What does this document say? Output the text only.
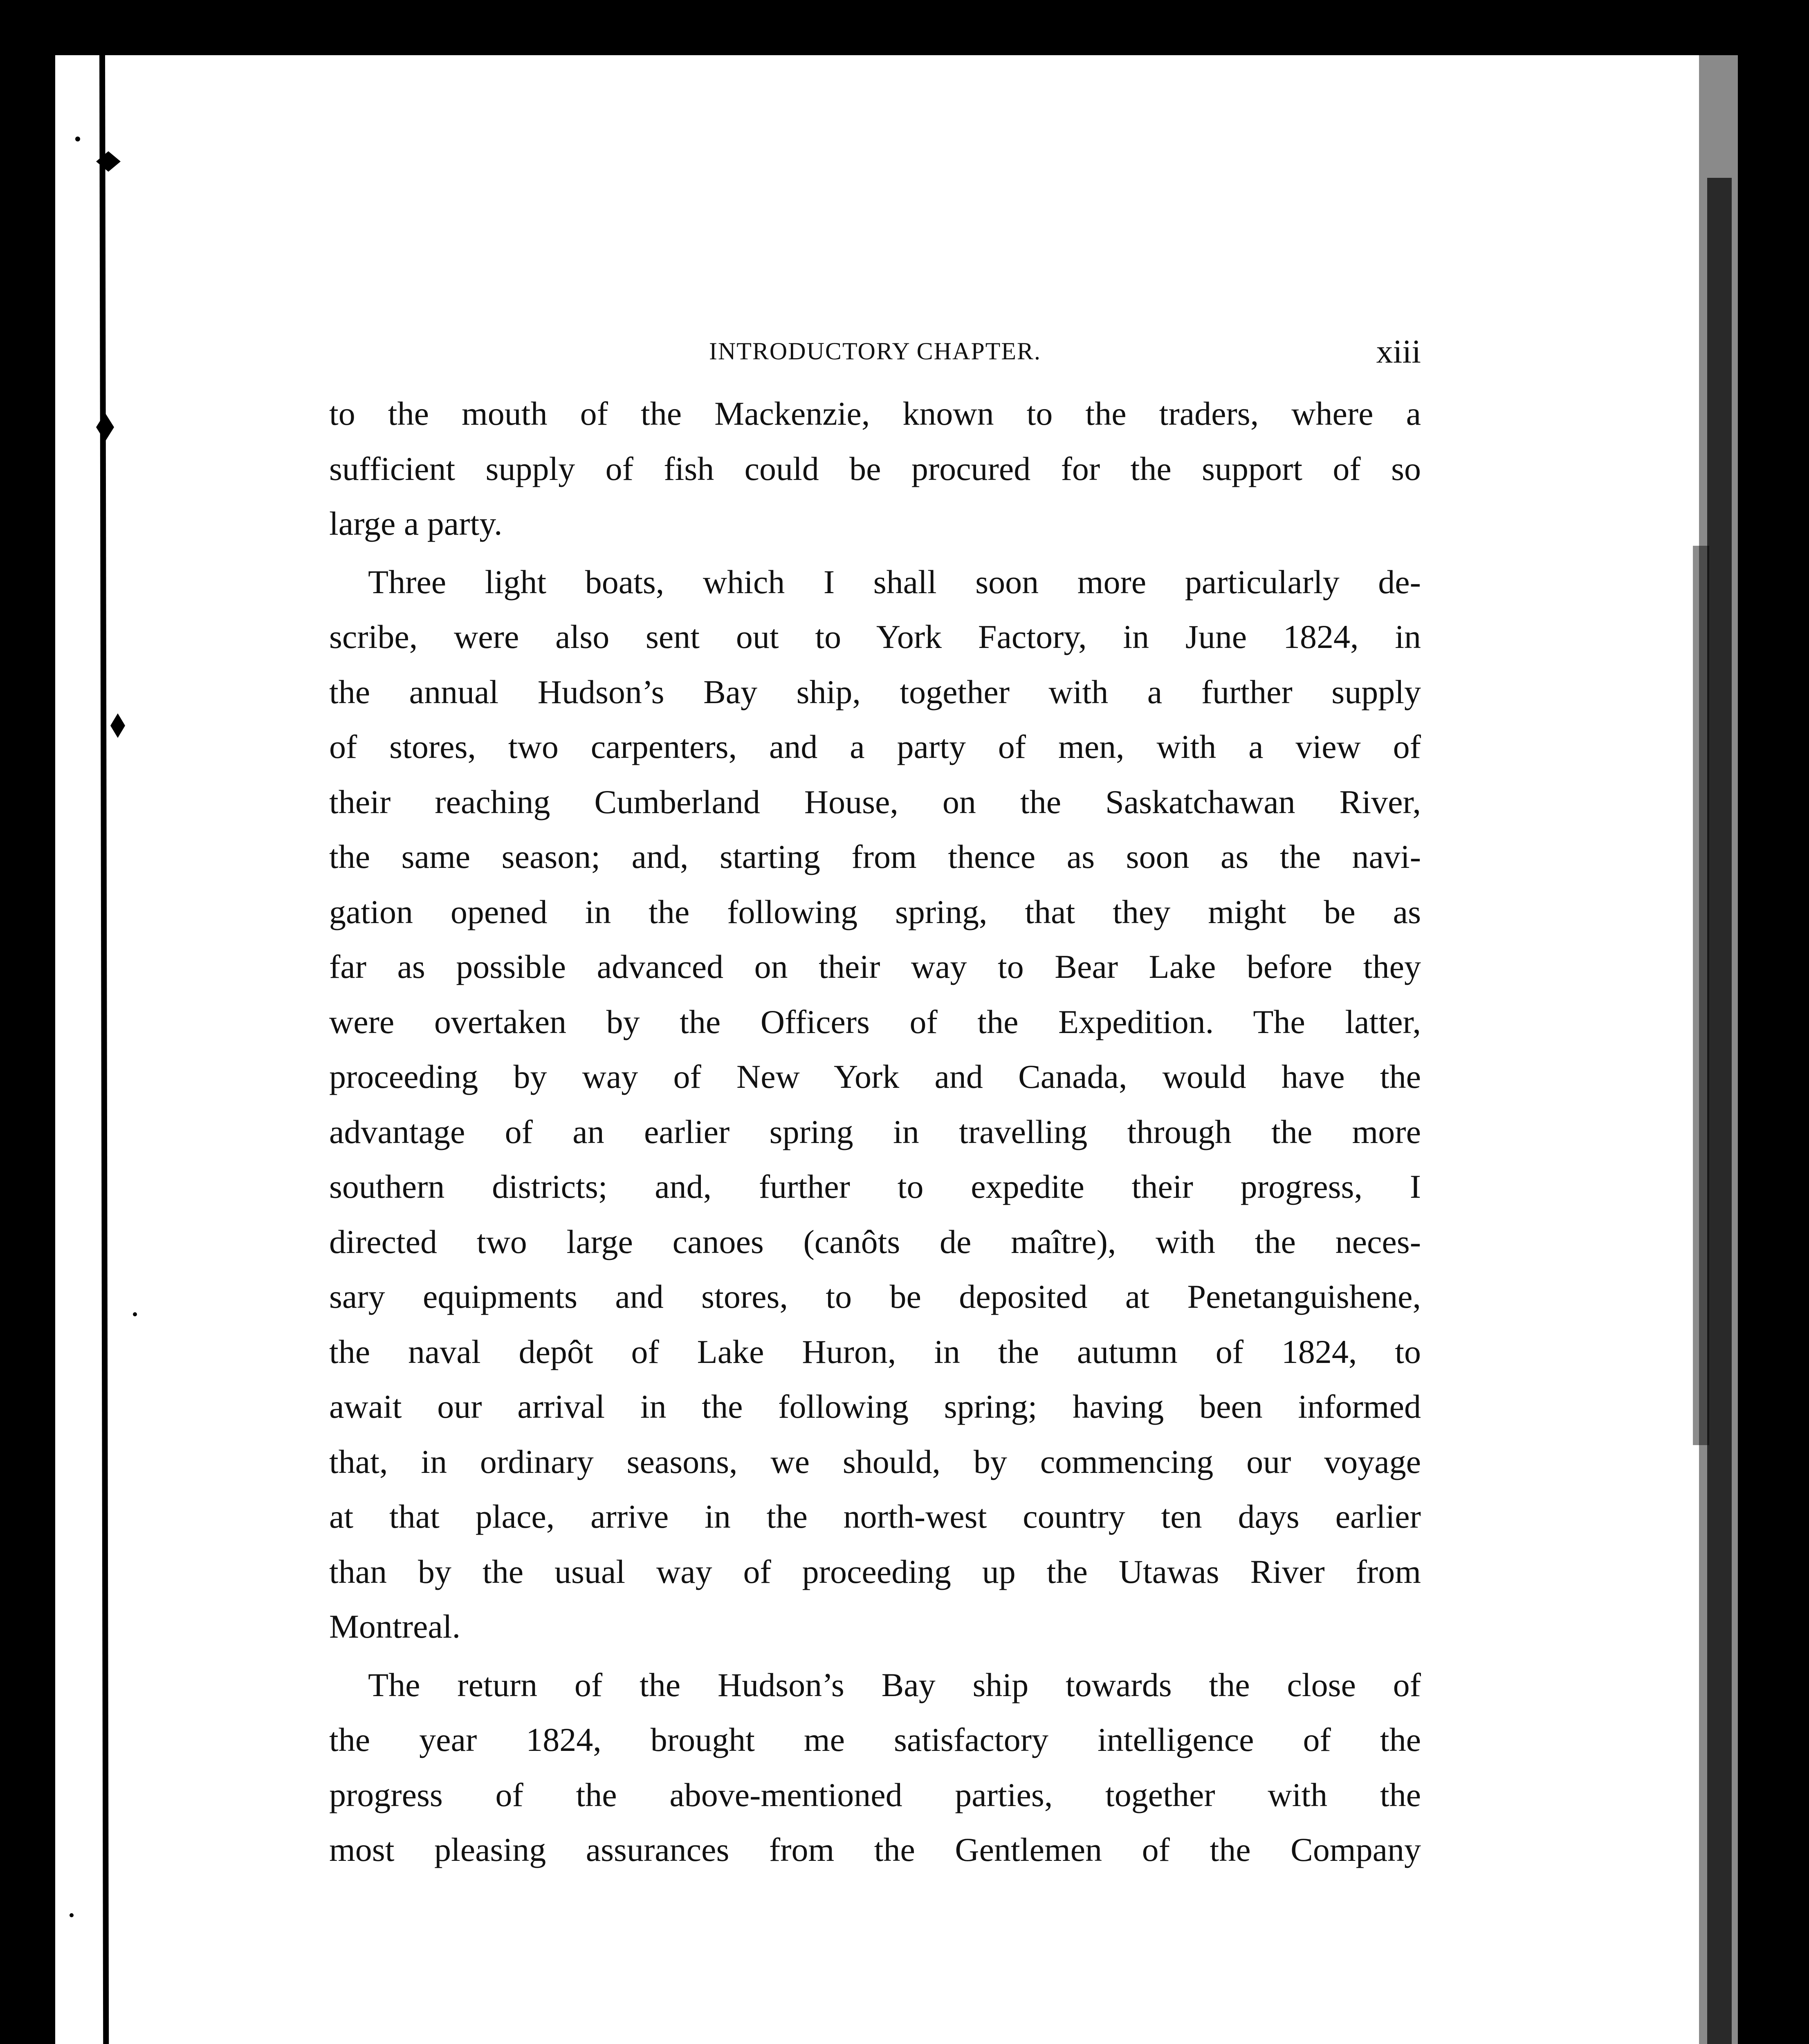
INTRODUCTORY CHAPTER.	xiii
to the mouth of the Mackenzie, known to the traders, where a
sufficient supply of fish could be procured for the support of so
large a party.
Three light boats, which I shall soon more particularly de-
scribe, were also sent out to York Factory, in June 1824, in
the annual Hudson’s Bay ship, together with a further supply
of stores, two carpenters, and a party of men, with a view of
their reaching Cumberland House, on the Saskatchawan River,
the same season; and, starting from thence as soon as the navi-
gation opened in the following spring, that they might be as
far as possible advanced on their way to Bear Lake before they
were overtaken by the Officers of the Expedition. The latter,
proceeding by way of New York and Canada, would have the
advantage of an earlier spring in travelling through the more
southern districts; and, further to expedite their progress, I
directed two large canoes (canôts de maître), with the neces-
sary equipments and stores, to be deposited at Penetanguishene,
the naval depôt of Lake Huron, in the autumn of 1824, to
await our arrival in the following spring; having been informed
that, in ordinary seasons, we should, by commencing our voyage
at that place, arrive in the north-west country ten days earlier
than by the usual way of proceeding up the Utawas River from
Montreal.
The return of the Hudson’s Bay ship towards the close of
the year 1824, brought me satisfactory intelligence of the
progress of the above-mentioned parties, together with the
most pleasing assurances from the Gentlemen of the Company
